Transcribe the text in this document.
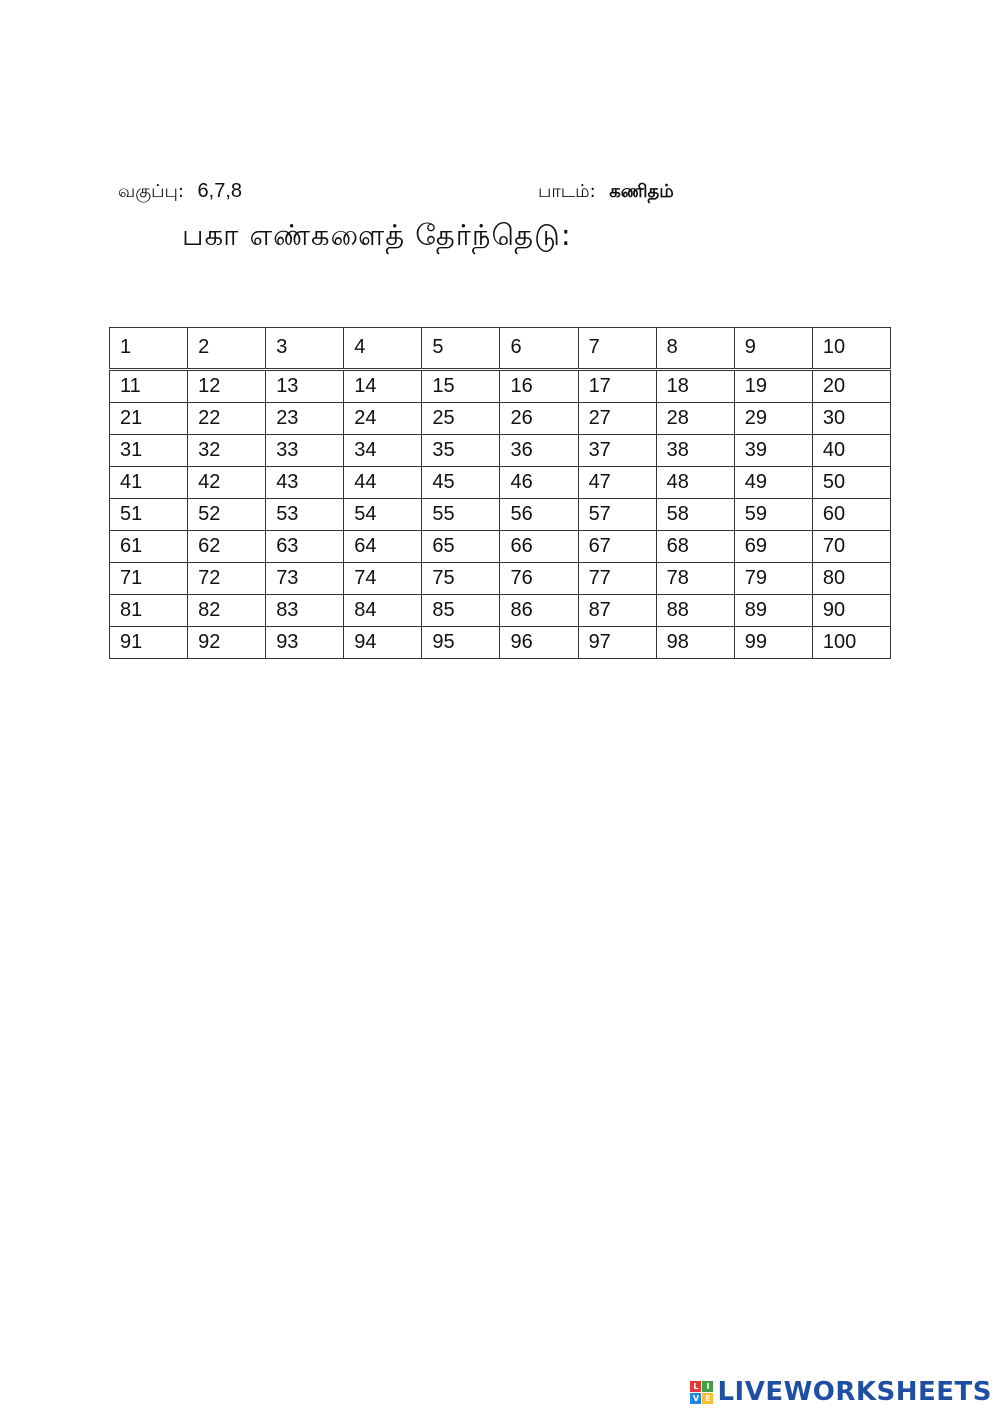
வகுப்பு: 6,7,8	பாடம்: கணிதம்
பகா எண்களைத் தேர்ந்தெடு:
1	2	3	4	5	6	7	8	9	10
11	12	13	14	15	16	17	18	19	20
21	22	23	24	25	26	27	28	29	30
31	32	33	34	35	36	37	38	39	40
41	42	43	44	45	46	47	48	49	50
51	52	53	54	55	56	57	58	59	60
61	62	63	64	65	66	67	68	69	70
71	72	73	74	75	76	77	78	79	80
81	82	83	84	85	86	87	88	89	90
91	92	93	94	95	96	97	98	99	100
L I
V E LIVEWORKSHEETS
